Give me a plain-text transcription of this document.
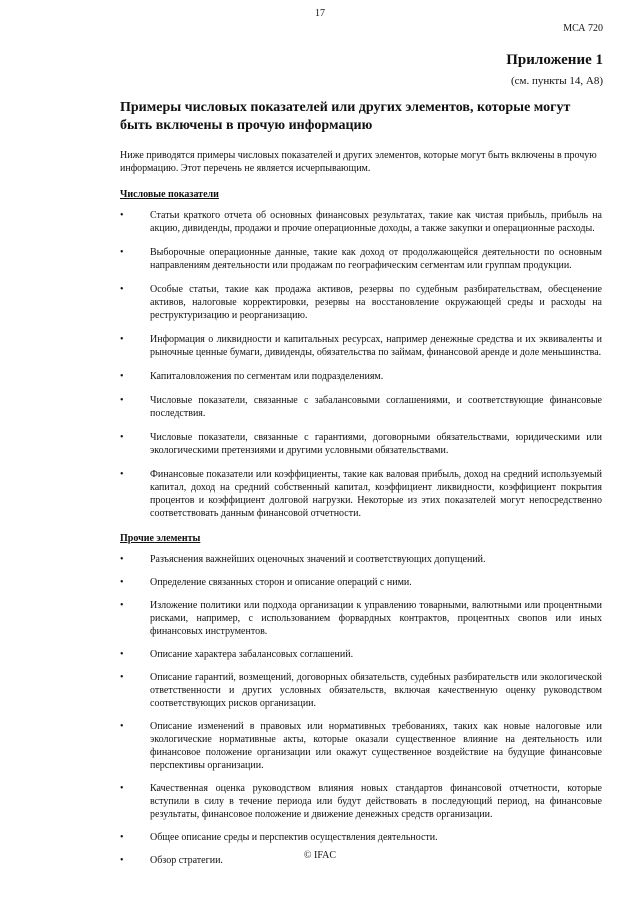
17
МСА 720
Приложение 1
(см. пункты 14, А8)
Примеры числовых показателей или других элементов, которые могут быть включены в прочую информацию

Ниже приводятся примеры числовых показателей и других элементов, которые могут быть включены в прочую информацию. Этот перечень не является исчерпывающим.

Числовые показатели
•	Статьи краткого отчета об основных финансовых результатах, такие как чистая прибыль, прибыль на акцию, дивиденды, продажи и прочие операционные доходы, а также закупки и операционные расходы.
•	Выборочные операционные данные, такие как доход от продолжающейся деятельности по основным направлениям деятельности или продажам по географическим сегментам или группам продукции.
•	Особые статьи, такие как продажа активов, резервы по судебным разбирательствам, обесценение активов, налоговые корректировки, резервы на восстановление окружающей среды и расходы на реструктуризацию и реорганизацию.
•	Информация о ликвидности и капитальных ресурсах, например денежные средства и их эквиваленты и рыночные ценные бумаги, дивиденды, обязательства по займам, финансовой аренде и доле меньшинства.
•	Капиталовложения по сегментам или подразделениям.
•	Числовые показатели, связанные с забалансовыми соглашениями, и соответствующие финансовые последствия.
•	Числовые показатели, связанные с гарантиями, договорными обязательствами, юридическими или экологическими претензиями и другими условными обязательствами.
•	Финансовые показатели или коэффициенты, такие как валовая прибыль, доход на средний используемый капитал, доход на средний собственный капитал, коэффициент ликвидности, коэффициент покрытия процентов и коэффициент долговой нагрузки. Некоторые из этих показателей могут непосредственно соответствовать данным финансовой отчетности.
Прочие элементы
•	Разъяснения важнейших оценочных значений и соответствующих допущений.
•	Определение связанных сторон и описание операций с ними.
•	Изложение политики или подхода организации к управлению товарными, валютными или процентными рисками, например, с использованием форвардных контрактов, процентных свопов или иных финансовых инструментов.
•	Описание характера забалансовых соглашений.
•	Описание гарантий, возмещений, договорных обязательств, судебных разбирательств или экологической ответственности и других условных обязательств, включая качественную оценку руководством соответствующих рисков организации.
•	Описание изменений в правовых или нормативных требованиях, таких как новые налоговые или экологические нормативные акты, которые оказали существенное влияние на деятельность или финансовое положение организации или окажут существенное воздействие на будущие финансовые перспективы организации.
•	Качественная оценка руководством влияния новых стандартов финансовой отчетности, которые вступили в силу в течение периода или будут действовать в последующий период, на финансовые результаты, финансовое положение и движение денежных средств организации.
•	Общее описание среды и перспектив осуществления деятельности.
•	Обзор стратегии.	© IFAC
